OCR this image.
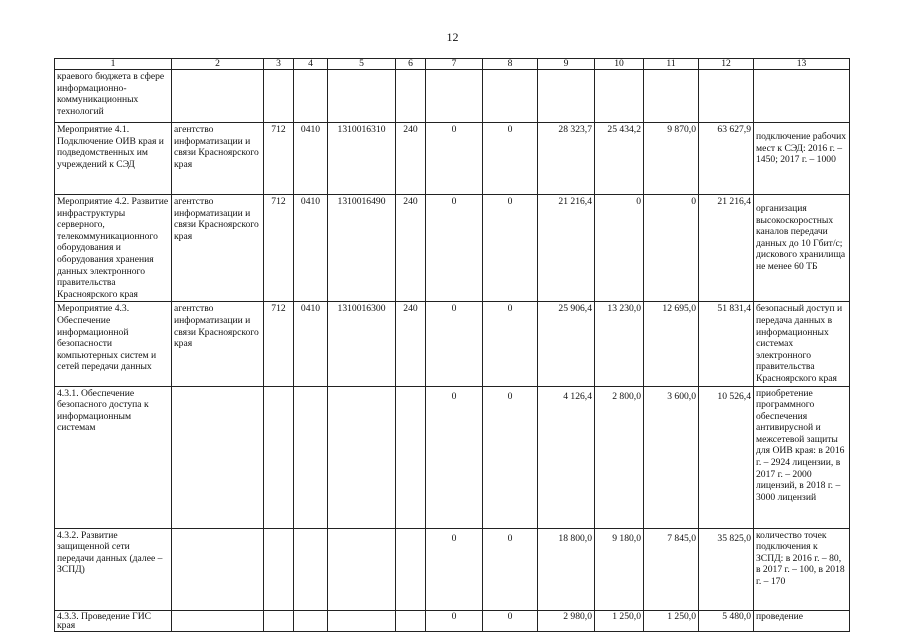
12
1	2	3	4	5	6	7	8	9	10	11	12	13
краевого бюджета в сфере информационно-коммуникационных технологий												
Мероприятие 4.1. Подключение ОИВ края и подведомственных им учреждений к СЭД	агентство информатизации и связи Красноярского края	712	0410	1310016310	240	0	0	28 323,7	25 434,2	9 870,0	63 627,9	подключение рабочих мест к СЭД: 2016 г. – 1450; 2017 г. – 1000
Мероприятие 4.2. Развитие инфраструктуры серверного, телекоммуникационного оборудования и оборудования хранения данных электронного правительства Красноярского края	агентство информатизации и связи Красноярского края	712	0410	1310016490	240	0	0	21 216,4	0	0	21 216,4	организация высокоскоростных каналов передачи данных до 10 Гбит/с; дискового хранилища не менее 60 ТБ
Мероприятие 4.3. Обеспечение информационной безопасности компьютерных систем и сетей передачи данных	агентство информатизации и связи Красноярского края	712	0410	1310016300	240	0	0	25 906,4	13 230,0	12 695,0	51 831,4	безопасный доступ и передача данных в информационных системах электронного правительства Красноярского края
4.3.1. Обеспечение безопасного доступа к информационным системам						0	0	4 126,4	2 800,0	3 600,0	10 526,4	приобретение программного обеспечения антивирусной и межсетевой защиты для ОИВ края: в 2016 г. – 2924 лицензии, в 2017 г. – 2000 лицензий, в 2018 г. – 3000 лицензий
4.3.2. Развитие защищенной сети передачи данных (далее – ЗСПД)						0	0	18 800,0	9 180,0	7 845,0	35 825,0	количество точек подключения к ЗСПД: в 2016 г. – 80, в 2017 г. – 100, в 2018 г. – 170
4.3.3. Проведение ГИС края						0	0	2 980,0	1 250,0	1 250,0	5 480,0	проведение
